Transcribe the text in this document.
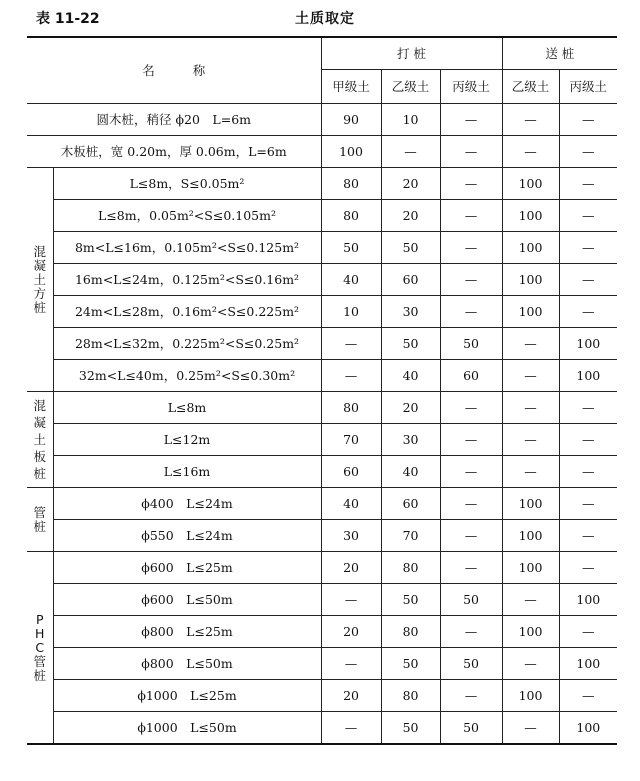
表 11-22	土质取定
名称		打 桩			送 桩	
		甲级土	乙级土	丙级土	乙级土	丙级土
圆木桩，稍径 ϕ20　L=6m		90	10	—	—	—
木板桩，宽 0.20m，厚 0.06m，L=6m		100	—	—	—	—
混凝土方桩	L≤8m，S≤0.05m²	80	20	—	100	—
	L≤8m，0.05m²<S≤0.105m²	80	20	—	100	—
	8m<L≤16m，0.105m²<S≤0.125m²	50	50	—	100	—
	16m<L≤24m，0.125m²<S≤0.16m²	40	60	—	100	—
	24m<L≤28m，0.16m²<S≤0.225m²	10	30	—	100	—
	28m<L≤32m，0.225m²<S≤0.25m²	—	50	50	—	100
	32m<L≤40m，0.25m²<S≤0.30m²	—	40	60	—	100
混凝土板桩	L≤8m	80	20	—	—	—
	L≤12m	70	30	—	—	—
	L≤16m	60	40	—	—	—
管桩	ϕ400　L≤24m	40	60	—	100	—
	ϕ550　L≤24m	30	70	—	100	—
PHC管桩	ϕ600　L≤25m	20	80	—	100	—
	ϕ600　L≤50m	—	50	50	—	100
	ϕ800　L≤25m	20	80	—	100	—
	ϕ800　L≤50m	—	50	50	—	100
	ϕ1000　L≤25m	20	80	—	100	—
	ϕ1000　L≤50m	—	50	50	—	100
